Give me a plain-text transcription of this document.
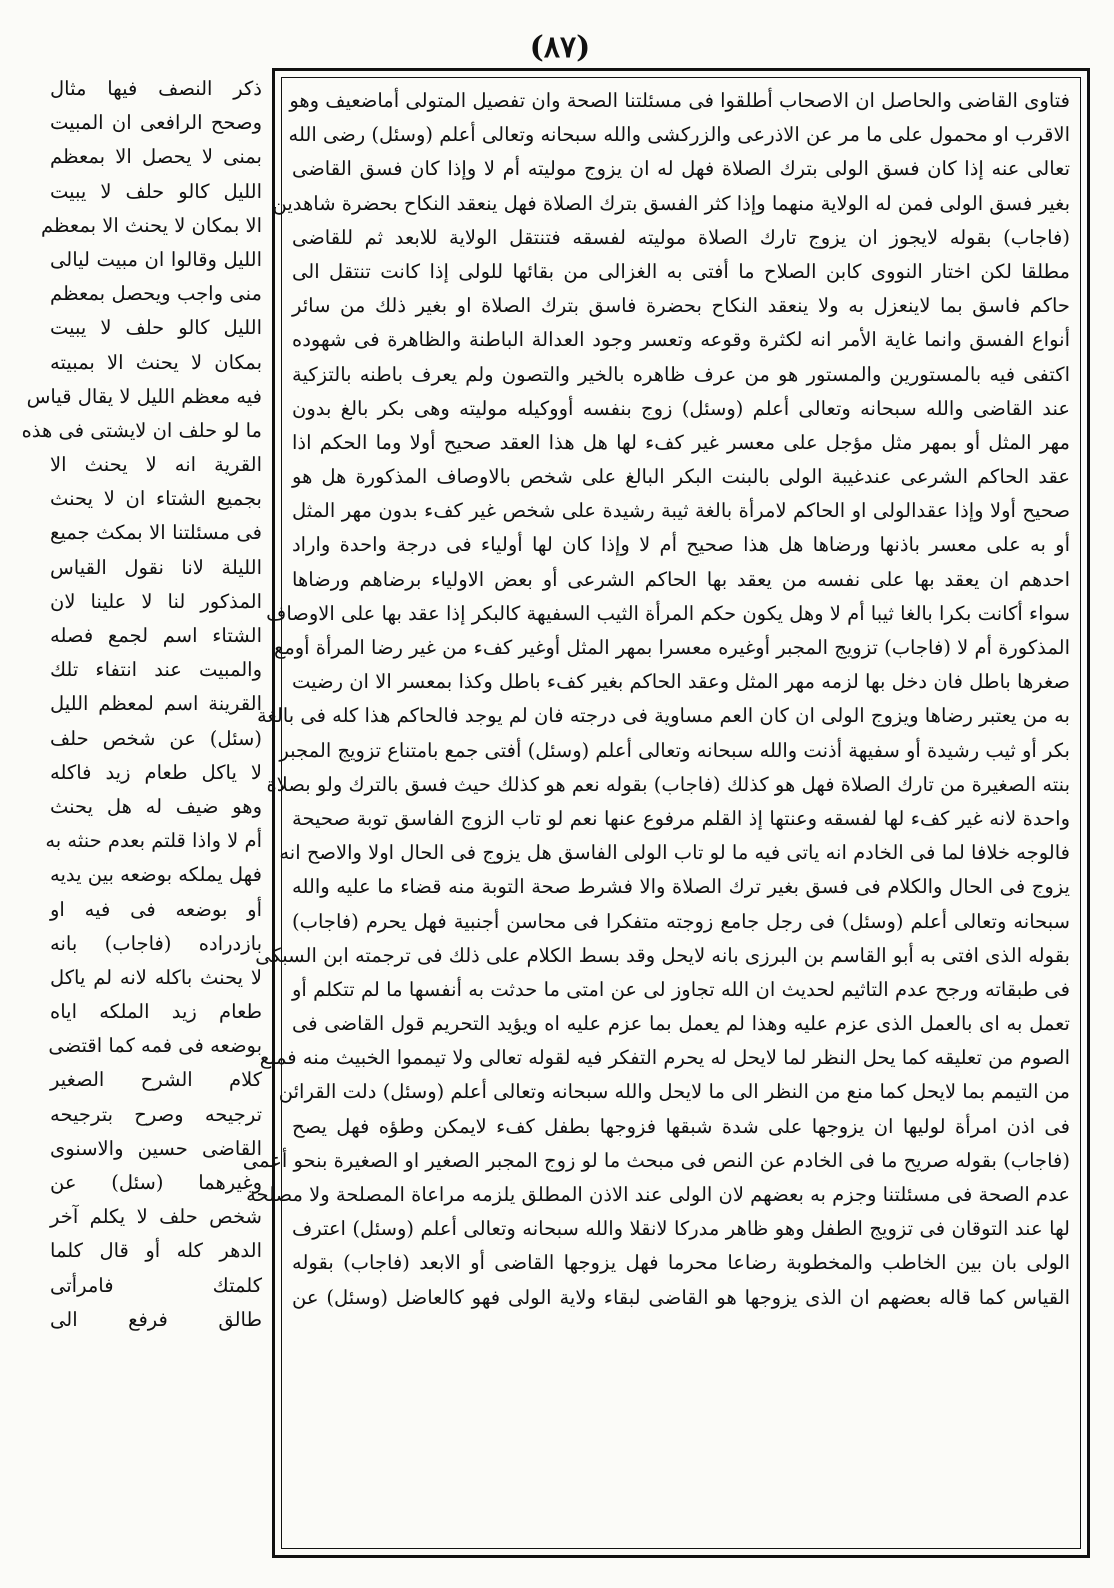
(٨٧)
فتاوى القاضى والحاصل ان الاصحاب أطلقوا فى مسئلتنا الصحة وان تفصيل المتولى أماضعيف وهو
الاقرب او محمول على ما مر عن الاذرعى والزركشى والله سبحانه وتعالى أعلم (وسئل) رضى الله
تعالى عنه إذا كان فسق الولى بترك الصلاة فهل له ان يزوج موليته أم لا وإذا كان فسق القاضى
بغير فسق الولى فمن له الولاية منهما وإذا كثر الفسق بترك الصلاة فهل ينعقد النكاح بحضرة شاهدين
(فاجاب) بقوله لايجوز ان يزوج تارك الصلاة موليته لفسقه فتنتقل الولاية للابعد ثم للقاضى
مطلقا لكن اختار النووى كابن الصلاح ما أفتى به الغزالى من بقائها للولى إذا كانت تنتقل الى
حاكم فاسق بما لاينعزل به ولا ينعقد النكاح بحضرة فاسق بترك الصلاة او بغير ذلك من سائر
أنواع الفسق وانما غاية الأمر انه لكثرة وقوعه وتعسر وجود العدالة الباطنة والظاهرة فى شهوده
اكتفى فيه بالمستورين والمستور هو من عرف ظاهره بالخير والتصون ولم يعرف باطنه بالتزكية
عند القاضى والله سبحانه وتعالى أعلم (وسئل) زوج بنفسه أووكيله موليته وهى بكر بالغ بدون
مهر المثل أو بمهر مثل مؤجل على معسر غير كفء لها هل هذا العقد صحيح أولا وما الحكم اذا
عقد الحاكم الشرعى عندغيبة الولى بالبنت البكر البالغ على شخص بالاوصاف المذكورة هل هو
صحيح أولا وإذا عقدالولى او الحاكم لامرأة بالغة ثيبة رشيدة على شخص غير كفء بدون مهر المثل
أو به على معسر باذنها ورضاها هل هذا صحيح أم لا وإذا كان لها أولياء فى درجة واحدة واراد
احدهم ان يعقد بها على نفسه من يعقد بها الحاكم الشرعى أو بعض الاولياء برضاهم ورضاها
سواء أكانت بكرا بالغا ثيبا أم لا وهل يكون حكم المرأة الثيب السفيهة كالبكر إذا عقد بها على الاوصاف
المذكورة أم لا (فاجاب) تزويج المجبر أوغيره معسرا بمهر المثل أوغير كفء من غير رضا المرأة أومع
صغرها باطل فان دخل بها لزمه مهر المثل وعقد الحاكم بغير كفء باطل وكذا بمعسر الا ان رضيت
به من يعتبر رضاها ويزوج الولى ان كان العم مساوية فى درجته فان لم يوجد فالحاكم هذا كله فى بالغة
بكر أو ثيب رشيدة أو سفيهة أذنت والله سبحانه وتعالى أعلم (وسئل) أفتى جمع بامتناع تزويج المجبر
بنته الصغيرة من تارك الصلاة فهل هو كذلك (فاجاب) بقوله نعم هو كذلك حيث فسق بالترك ولو بصلاة
واحدة لانه غير كفء لها لفسقه وعنتها إذ القلم مرفوع عنها نعم لو تاب الزوج الفاسق توبة صحيحة
فالوجه خلافا لما فى الخادم انه ياتى فيه ما لو تاب الولى الفاسق هل يزوج فى الحال اولا والاصح انه
يزوج فى الحال والكلام فى فسق بغير ترك الصلاة والا فشرط صحة التوبة منه قضاء ما عليه والله
سبحانه وتعالى أعلم (وسئل) فى رجل جامع زوجته متفكرا فى محاسن أجنبية فهل يحرم (فاجاب)
بقوله الذى افتى به أبو القاسم بن البرزى بانه لايحل وقد بسط الكلام على ذلك فى ترجمته ابن السبكى
فى طبقاته ورجح عدم التاثيم لحديث ان الله تجاوز لى عن امتى ما حدثت به أنفسها ما لم تتكلم أو
تعمل به اى بالعمل الذى عزم عليه وهذا لم يعمل بما عزم عليه اه ويؤيد التحريم قول القاضى فى
الصوم من تعليقه كما يحل النظر لما لايحل له يحرم التفكر فيه لقوله تعالى ولا تيمموا الخبيث منه فمنع
من التيمم بما لايحل كما منع من النظر الى ما لايحل والله سبحانه وتعالى أعلم (وسئل) دلت القرائن
فى اذن امرأة لوليها ان يزوجها على شدة شبقها فزوجها بطفل كفء لايمكن وطؤه فهل يصح
(فاجاب) بقوله صريح ما فى الخادم عن النص فى مبحث ما لو زوج المجبر الصغير او الصغيرة بنحو أعمى
عدم الصحة فى مسئلتنا وجزم به بعضهم لان الولى عند الاذن المطلق يلزمه مراعاة المصلحة ولا مصلحة
لها عند التوقان فى تزويج الطفل وهو ظاهر مدركا لانقلا والله سبحانه وتعالى أعلم (وسئل) اعترف
الولى بان بين الخاطب والمخطوبة رضاعا محرما فهل يزوجها القاضى أو الابعد (فاجاب) بقوله
القياس كما قاله بعضهم ان الذى يزوجها هو القاضى لبقاء ولاية الولى فهو كالعاضل (وسئل) عن
ذكر النصف فيها مثال
وصحح الرافعى ان المبيت
بمنى لا يحصل الا بمعظم
الليل كالو حلف لا يبيت
الا بمكان لا يحنث الا بمعظم
الليل وقالوا ان مبيت ليالى
منى واجب ويحصل بمعظم
الليل كالو حلف لا يبيت
بمكان لا يحنث الا بمبيته
فيه معظم الليل لا يقال قياس
ما لو حلف ان لايشتى فى هذه
القرية انه لا يحنث الا
بجميع الشتاء ان لا يحنث
فى مسئلتنا الا بمكث جميع
الليلة لانا نقول القياس
المذكور لنا لا علينا لان
الشتاء اسم لجمع فصله
والمبيت عند انتفاء تلك
القرينة اسم لمعظم الليل
(سئل) عن شخص حلف
لا ياكل طعام زيد فاكله
وهو ضيف له هل يحنث
أم لا واذا قلتم بعدم حنثه به
فهل يملكه بوضعه بين يديه
أو بوضعه فى فيه او
بازدراده (فاجاب) بانه
لا يحنث باكله لانه لم ياكل
طعام زيد الملكه اياه
بوضعه فى فمه كما اقتضى
كلام الشرح الصغير
ترجيحه وصرح بترجيحه
القاضى حسين والاسنوى
وغيرهما (سئل) عن
شخص حلف لا يكلم آخر
الدهر كله أو قال كلما
كلمتك فامرأتى
طالق فرفع الى
